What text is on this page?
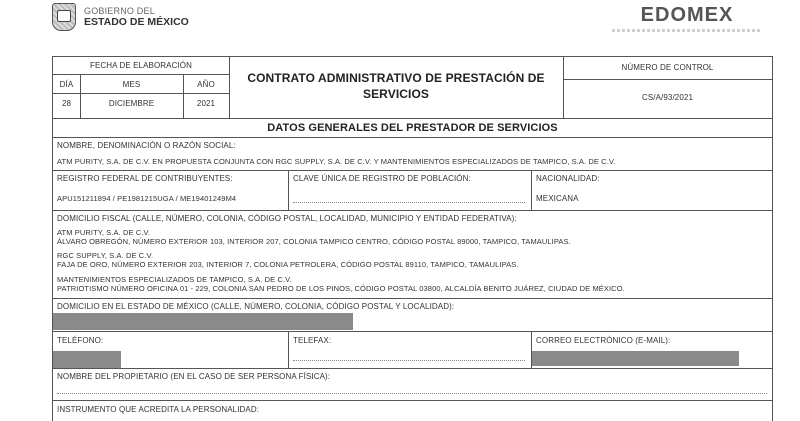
GOBIERNO DEL
ESTADO DE MÉXICO	EDOMEX
FECHA DE ELABORACIÓN
DÍA	MES	AÑO
28	DICIEMBRE	2021
CONTRATO ADMINISTRATIVO DE PRESTACIÓN DE
SERVICIOS
NÚMERO DE CONTROL
CS/A/93/2021
DATOS GENERALES DEL PRESTADOR DE SERVICIOS
NOMBRE, DENOMINACIÓN O RAZÓN SOCIAL:
ATM PURITY, S.A. DE C.V. EN PROPUESTA CONJUNTA CON RGC SUPPLY, S.A. DE C.V. Y MANTENIMIENTOS ESPECIALIZADOS DE TAMPICO, S.A. DE C.V.
REGISTRO FEDERAL DE CONTRIBUYENTES:
APU151211894 / PE1981215UGA / ME19401249M4
CLAVE ÚNICA DE REGISTRO DE POBLACIÓN:	NACIONALIDAD:
MEXICANA
DOMICILIO FISCAL (CALLE, NÚMERO, COLONIA, CÓDIGO POSTAL, LOCALIDAD, MUNICIPIO Y ENTIDAD FEDERATIVA):
ATM PURITY, S.A. DE C.V.
ÁLVARO OBREGÓN, NÚMERO EXTERIOR 103, INTERIOR 207, COLONIA TAMPICO CENTRO, CÓDIGO POSTAL 89000, TAMPICO, TAMAULIPAS.
RGC SUPPLY, S.A. DE C.V.
FAJA DE ORO, NÚMERO EXTERIOR 203, INTERIOR 7, COLONIA PETROLERA, CÓDIGO POSTAL 89110, TAMPICO, TAMAULIPAS.
MANTENIMIENTOS ESPECIALIZADOS DE TAMPICO, S.A. DE C.V.
PATRIOTISMO NÚMERO OFICINA 01 - 229, COLONIA SAN PEDRO DE LOS PINOS, CÓDIGO POSTAL 03800, ALCALDÍA BENITO JUÁREZ, CIUDAD DE MÉXICO.
DOMICILIO EN EL ESTADO DE MÉXICO (CALLE, NÚMERO, COLONIA, CÓDIGO POSTAL Y LOCALIDAD):
TELÉFONO:	TELEFAX:	CORREO ELECTRÓNICO (E-MAIL):
NOMBRE DEL PROPIETARIO (EN EL CASO DE SER PERSONA FÍSICA):
INSTRUMENTO QUE ACREDITA LA PERSONALIDAD:
